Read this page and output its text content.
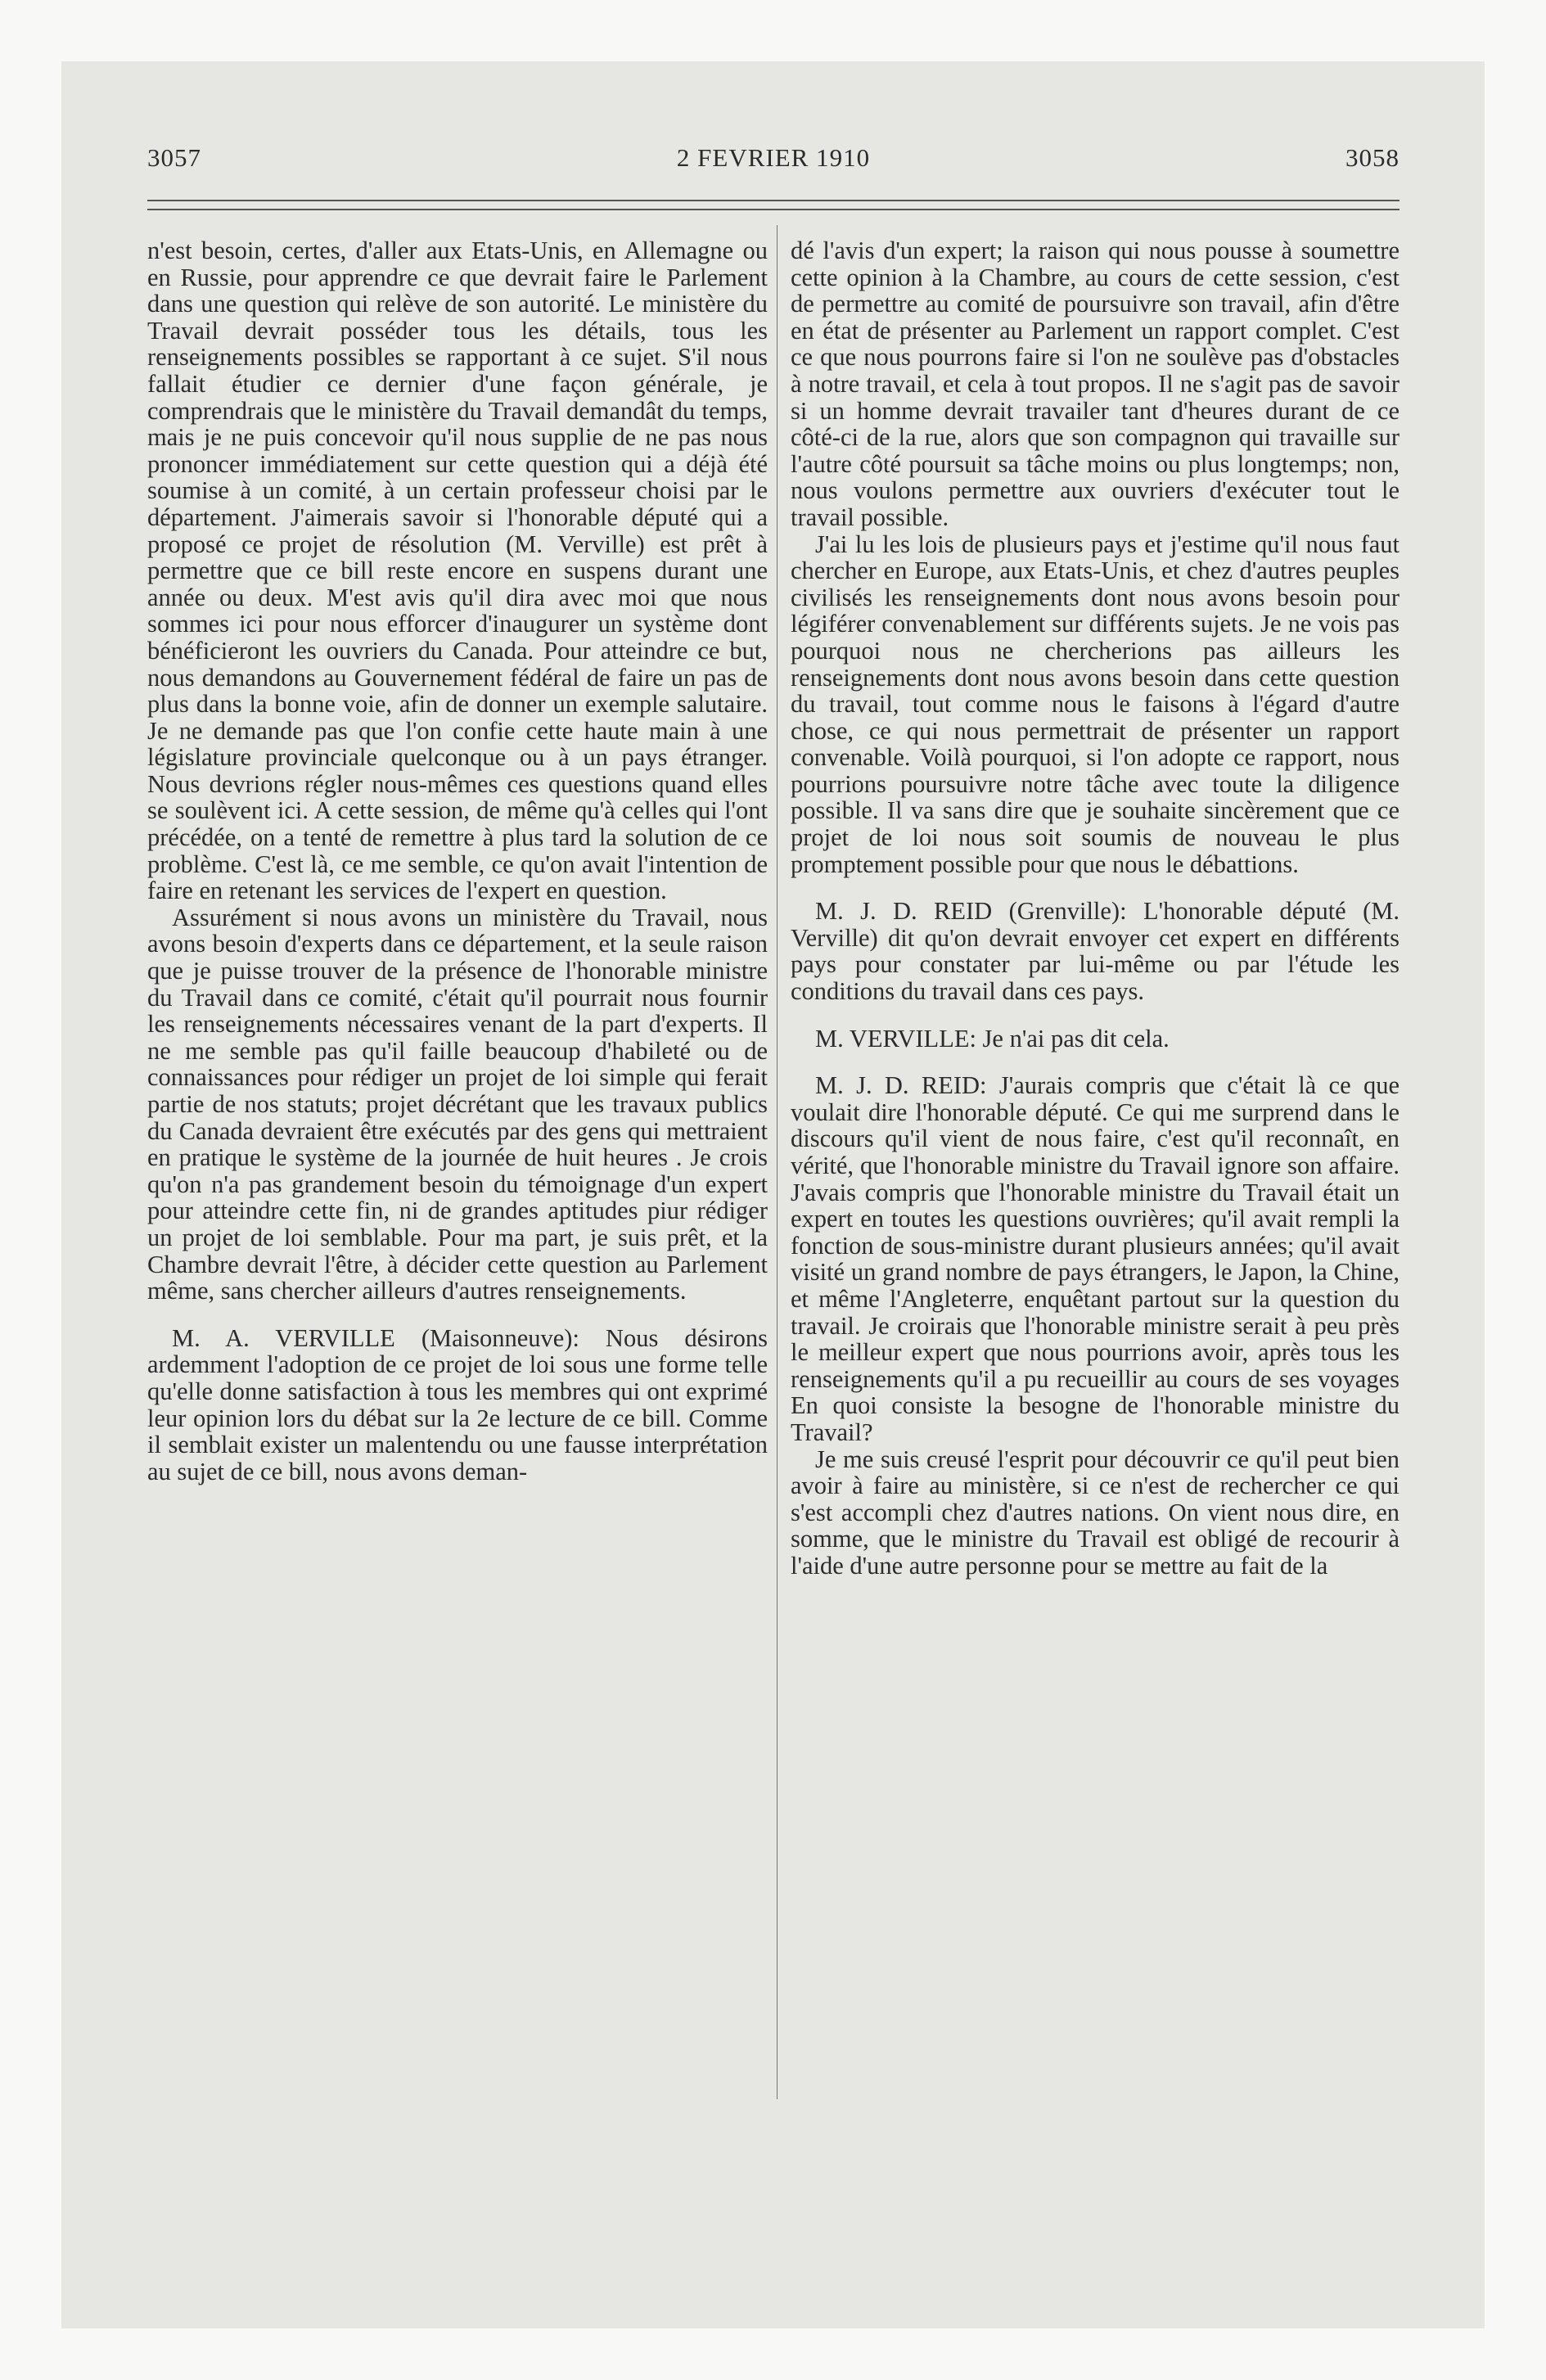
3057	2 FEVRIER 1910	3058

n'est besoin, certes, d'aller aux Etats-Unis, en Allemagne ou en Russie, pour apprendre ce que devrait faire le Parlement dans une question qui relève de son autorité. Le ministère du Travail devrait posséder tous les détails, tous les renseignements possibles se rapportant à ce sujet. S'il nous fallait étudier ce dernier d'une façon générale, je comprendrais que le ministère du Travail demandât du temps, mais je ne puis concevoir qu'il nous supplie de ne pas nous prononcer immédiatement sur cette question qui a déjà été soumise à un comité, à un certain professeur choisi par le département. J'aimerais savoir si l'honorable député qui a proposé ce projet de résolution (M. Verville) est prêt à permettre que ce bill reste encore en suspens durant une année ou deux. M'est avis qu'il dira avec moi que nous sommes ici pour nous efforcer d'inaugurer un système dont bénéficieront les ouvriers du Canada. Pour atteindre ce but, nous demandons au Gouvernement fédéral de faire un pas de plus dans la bonne voie, afin de donner un exemple salutaire. Je ne demande pas que l'on confie cette haute main à une législature provinciale quelconque ou à un pays étranger. Nous devrions régler nous-mêmes ces questions quand elles se soulèvent ici. A cette session, de même qu'à celles qui l'ont précédée, on a tenté de remettre à plus tard la solution de ce problème. C'est là, ce me semble, ce qu'on avait l'intention de faire en retenant les services de l'expert en question.

Assurément si nous avons un ministère du Travail, nous avons besoin d'experts dans ce département, et la seule raison que je puisse trouver de la présence de l'honorable ministre du Travail dans ce comité, c'était qu'il pourrait nous fournir les renseignements nécessaires venant de la part d'experts. Il ne me semble pas qu'il faille beaucoup d'habileté ou de connaissances pour rédiger un projet de loi simple qui ferait partie de nos statuts; projet décrétant que les travaux publics du Canada devraient être exécutés par des gens qui mettraient en pratique le système de la journée de huit heures . Je crois qu'on n'a pas grandement besoin du témoignage d'un expert pour atteindre cette fin, ni de grandes aptitudes piur rédiger un projet de loi semblable. Pour ma part, je suis prêt, et la Chambre devrait l'être, à décider cette question au Parlement même, sans chercher ailleurs d'autres renseignements.

M. A. VERVILLE (Maisonneuve): Nous désirons ardemment l'adoption de ce projet de loi sous une forme telle qu'elle donne satisfaction à tous les membres qui ont exprimé leur opinion lors du débat sur la 2e lecture de ce bill. Comme il semblait exister un malentendu ou une fausse interprétation au sujet de ce bill, nous avons deman-

dé l'avis d'un expert; la raison qui nous pousse à soumettre cette opinion à la Chambre, au cours de cette session, c'est de permettre au comité de poursuivre son travail, afin d'être en état de présenter au Parlement un rapport complet. C'est ce que nous pourrons faire si l'on ne soulève pas d'obstacles à notre travail, et cela à tout propos. Il ne s'agit pas de savoir si un homme devrait travailer tant d'heures durant de ce côté-ci de la rue, alors que son compagnon qui travaille sur l'autre côté poursuit sa tâche moins ou plus longtemps; non, nous voulons permettre aux ouvriers d'exécuter tout le travail possible.

J'ai lu les lois de plusieurs pays et j'estime qu'il nous faut chercher en Europe, aux Etats-Unis, et chez d'autres peuples civilisés les renseignements dont nous avons besoin pour légiférer convenablement sur différents sujets. Je ne vois pas pourquoi nous ne chercherions pas ailleurs les renseignements dont nous avons besoin dans cette question du travail, tout comme nous le faisons à l'égard d'autre chose, ce qui nous permettrait de présenter un rapport convenable. Voilà pourquoi, si l'on adopte ce rapport, nous pourrions poursuivre notre tâche avec toute la diligence possible. Il va sans dire que je souhaite sincèrement que ce projet de loi nous soit soumis de nouveau le plus promptement possible pour que nous le débattions.

M. J. D. REID (Grenville): L'honorable député (M. Verville) dit qu'on devrait envoyer cet expert en différents pays pour constater par lui-même ou par l'étude les conditions du travail dans ces pays.

M. VERVILLE: Je n'ai pas dit cela.

M. J. D. REID: J'aurais compris que c'était là ce que voulait dire l'honorable député. Ce qui me surprend dans le discours qu'il vient de nous faire, c'est qu'il reconnaît, en vérité, que l'honorable ministre du Travail ignore son affaire. J'avais compris que l'honorable ministre du Travail était un expert en toutes les questions ouvrières; qu'il avait rempli la fonction de sous-ministre durant plusieurs années; qu'il avait visité un grand nombre de pays étrangers, le Japon, la Chine, et même l'Angleterre, enquêtant partout sur la question du travail. Je croirais que l'honorable ministre serait à peu près le meilleur expert que nous pourrions avoir, après tous les renseignements qu'il a pu recueillir au cours de ses voyages En quoi consiste la besogne de l'honorable ministre du Travail?

Je me suis creusé l'esprit pour découvrir ce qu'il peut bien avoir à faire au ministère, si ce n'est de rechercher ce qui s'est accompli chez d'autres nations. On vient nous dire, en somme, que le ministre du Travail est obligé de recourir à l'aide d'une autre personne pour se mettre au fait de la
